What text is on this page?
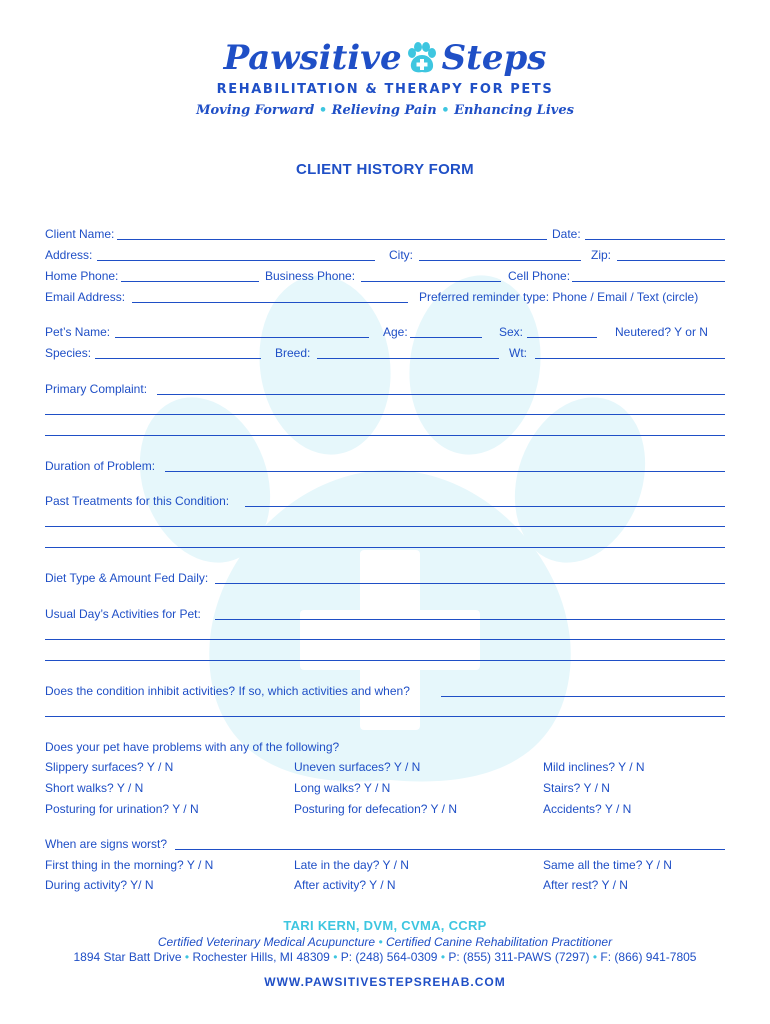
Pawsitive Steps
REHABILITATION & THERAPY FOR PETS
Moving Forward • Relieving Pain • Enhancing Lives
CLIENT HISTORY FORM
Client Name:	Date:
Address:	City:	Zip:
Home Phone:	Business Phone:	Cell Phone:
Email Address:	Preferred reminder type: Phone / Email / Text (circle)
Pet’s Name:	Age:	Sex:	Neutered? Y or N
Species:	Breed:	Wt:
Primary Complaint:
Duration of Problem:
Past Treatments for this Condition:
Diet Type & Amount Fed Daily:
Usual Day’s Activities for Pet:
Does the condition inhibit activities? If so, which activities and when?
Does your pet have problems with any of the following?
Slippery surfaces? Y / N	Uneven surfaces? Y / N	Mild inclines? Y / N
Short walks? Y / N	Long walks? Y / N	Stairs? Y / N
Posturing for urination? Y / N	Posturing for defecation? Y / N	Accidents? Y / N
When are signs worst?
First thing in the morning? Y / N	Late in the day? Y / N	Same all the time? Y / N
During activity? Y/ N	After activity? Y / N	After rest? Y / N
TARI KERN, DVM, CVMA, CCRP
Certified Veterinary Medical Acupuncture • Certified Canine Rehabilitation Practitioner
1894 Star Batt Drive • Rochester Hills, MI 48309 • P: (248) 564-0309 • P: (855) 311-PAWS (7297) • F: (866) 941-7805
WWW.PAWSITIVESTEPSREHAB.COM
